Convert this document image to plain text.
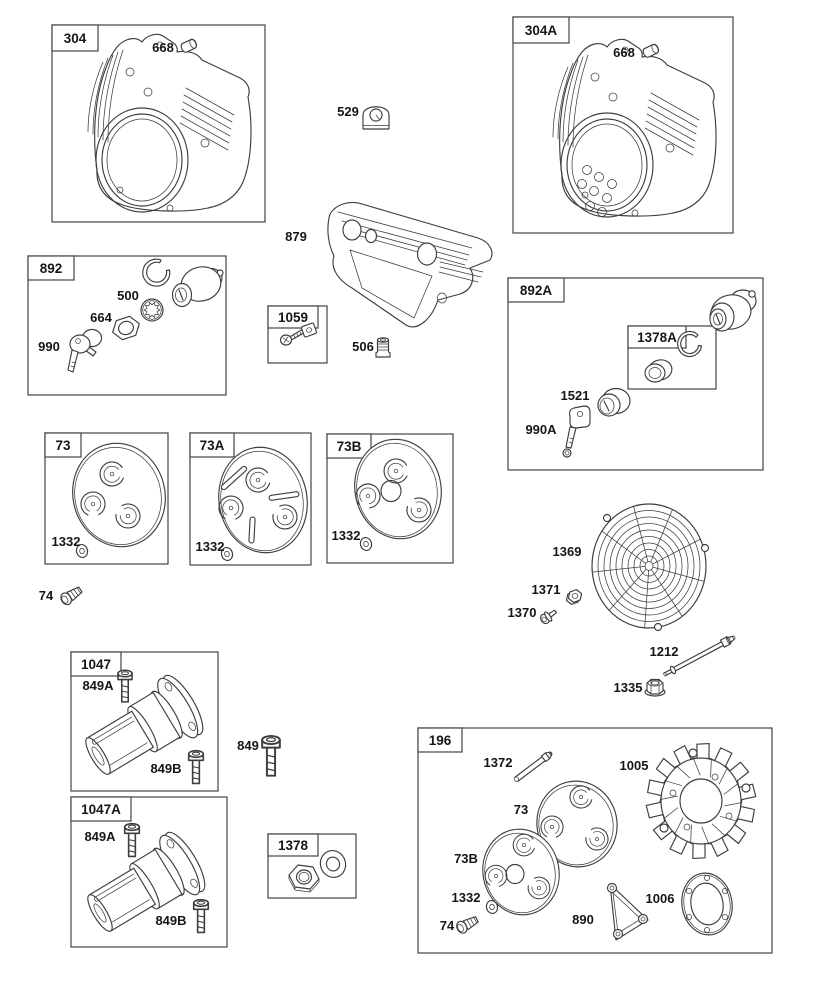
304
304A
892
1059
892A
1378A
73	73A	73B
1047
1047A
1378
196
668	668
529
879
500
664
990	506
1521
990A
1332	1332
1332
74
1369
1371
1370
1212
1335
849A
849B
849
849A
849B
1372	1005
73
73B
1332
74	890
1006
